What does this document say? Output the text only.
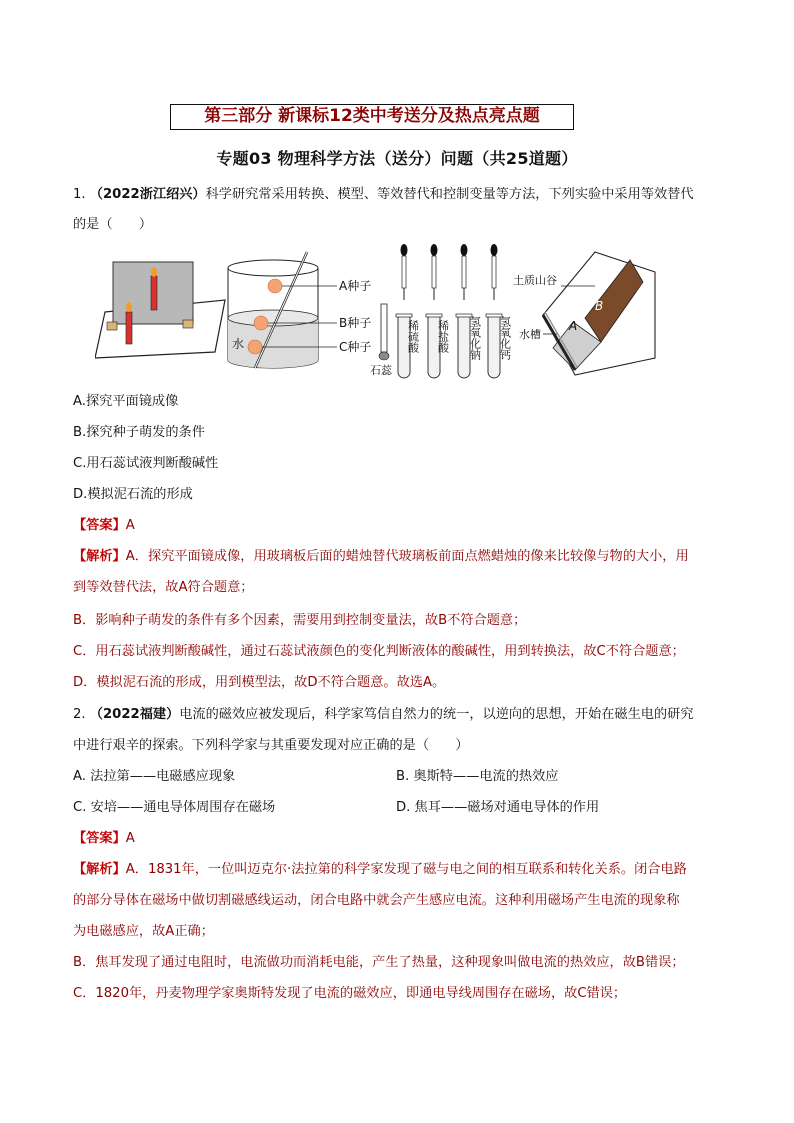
第三部分 新课标12类中考送分及热点亮点题
专题03 物理科学方法（送分）问题（共25道题）
1. （2022浙江绍兴）科学研究常采用转换、模型、等效替代和控制变量等方法，下列实验中采用等效替代
的是（　　）
水
A种子
B种子
C种子
石蕊
稀硫酸 稀盐酸 氢氧化钠 氢氧化钙
B
A
土质山谷
水槽
A.探究平面镜成像
B.探究种子萌发的条件
C.用石蕊试液判断酸碱性
D.模拟泥石流的形成
【答案】A
【解析】A．探究平面镜成像，用玻璃板后面的蜡烛替代玻璃板前面点燃蜡烛的像来比较像与物的大小，用
到等效替代法，故A符合题意；
B．影响种子萌发的条件有多个因素，需要用到控制变量法，故B不符合题意；
C．用石蕊试液判断酸碱性，通过石蕊试液颜色的变化判断液体的酸碱性，用到转换法，故C不符合题意；
D．模拟泥石流的形成，用到模型法，故D不符合题意。故选A。
2. （2022福建）电流的磁效应被发现后，科学家笃信自然力的统一，以逆向的思想，开始在磁生电的研究
中进行艰辛的探索。下列科学家与其重要发现对应正确的是（　　）
A. 法拉第——电磁感应现象	B. 奥斯特——电流的热效应
C. 安培——通电导体周围存在磁场	D. 焦耳——磁场对通电导体的作用
【答案】A
【解析】A．1831年，一位叫迈克尔·法拉第的科学家发现了磁与电之间的相互联系和转化关系。闭合电路
的部分导体在磁场中做切割磁感线运动，闭合电路中就会产生感应电流。这种利用磁场产生电流的现象称
为电磁感应，故A正确；
B．焦耳发现了通过电阻时，电流做功而消耗电能，产生了热量，这种现象叫做电流的热效应，故B错误；
C．1820年，丹麦物理学家奥斯特发现了电流的磁效应，即通电导线周围存在磁场，故C错误；
